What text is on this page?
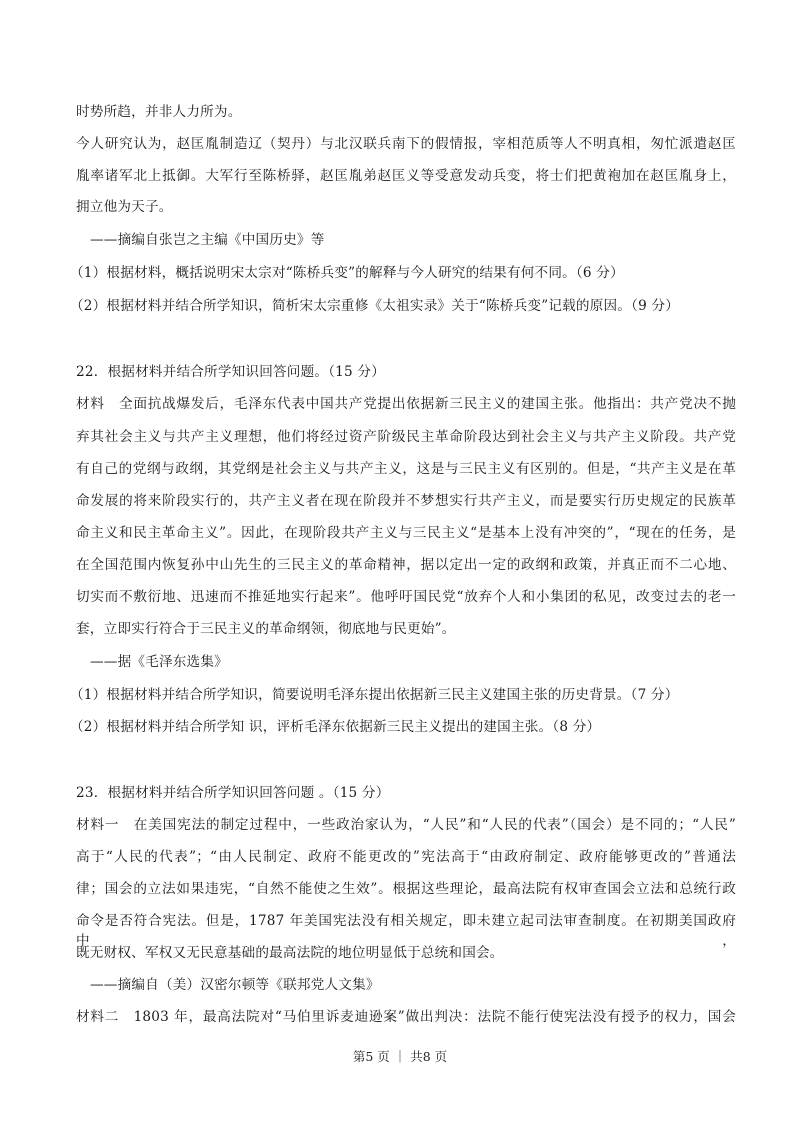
时势所趋，并非人力所为。
今人研究认为，赵匡胤制造辽（契丹）与北汉联兵南下的假情报，宰相范质等人不明真相，匆忙派遣赵匡
胤率诸军北上抵御。大军行至陈桥驿，赵匡胤弟赵匡义等受意发动兵变，将士们把黄袍加在赵匡胤身上，
拥立他为天子。
——摘编自张岂之主编《中国历史》等
（1）根据材料，概括说明宋太宗对“陈桥兵变”的解释与今人研究的结果有何不同。（6 分）
（2）根据材料并结合所学知识，简析宋太宗重修《太祖实录》关于“陈桥兵变”记载的原因。（9 分）
22．根据材料并结合所学知识回答问题。（15 分）
材料　全面抗战爆发后，毛泽东代表中国共产党提出依据新三民主义的建国主张。他指出：共产党决不抛
弃其社会主义与共产主义理想，他们将经过资产阶级民主革命阶段达到社会主义与共产主义阶段。共产党
有自己的党纲与政纲，其党纲是社会主义与共产主义，这是与三民主义有区别的。但是，“共产主义是在革
命发展的将来阶段实行的，共产主义者在现在阶段并不梦想实行共产主义，而是要实行历史规定的民族革
命主义和民主革命主义”。因此，在现阶段共产主义与三民主义“是基本上没有冲突的”，“现在的任务，是
在全国范围内恢复孙中山先生的三民主义的革命精神，据以定出一定的政纲和政策，并真正而不二心地、
切实而不敷衍地、迅速而不推延地实行起来”。他呼吁国民党“放弃个人和小集团的私见，改变过去的老一
套，立即实行符合于三民主义的革命纲领，彻底地与民更始”。
——据《毛泽东选集》
（1）根据材料并结合所学知识，简要说明毛泽东提出依据新三民主义建国主张的历史背景。（7 分）
（2）根据材料并结合所学知 识，评析毛泽东依据新三民主义提出的建国主张。（8 分）
23．根据材料并结合所学知识回答问题 。（15 分）
材料一　在美国宪法的制定过程中，一些政治家认为，“人民”和“人民的代表”（国会）是不同的；“人民”
高于“人民的代表”；“由人民制定、政府不能更改的”宪法高于“由政府制定、政府能够更改的”普通法
律；国会的立法如果违宪，“自然不能使之生效”。根据这些理论，最高法院有权审查国会立法和总统行政
命令是否符合宪法。但是，1787 年美国宪法没有相关规定，即未建立起司法审查制度。在初期美国政府中，
既无财权、军权又无民意基础的最高法院的地位明显低于总统和国会。
——摘编自（美）汉密尔顿等《联邦党人文集》
材料二　1803 年，最高法院对“马伯里诉麦迪逊案”做出判决：法院不能行使宪法没有授予的权力，国会
第5 页 ｜ 共8 页
